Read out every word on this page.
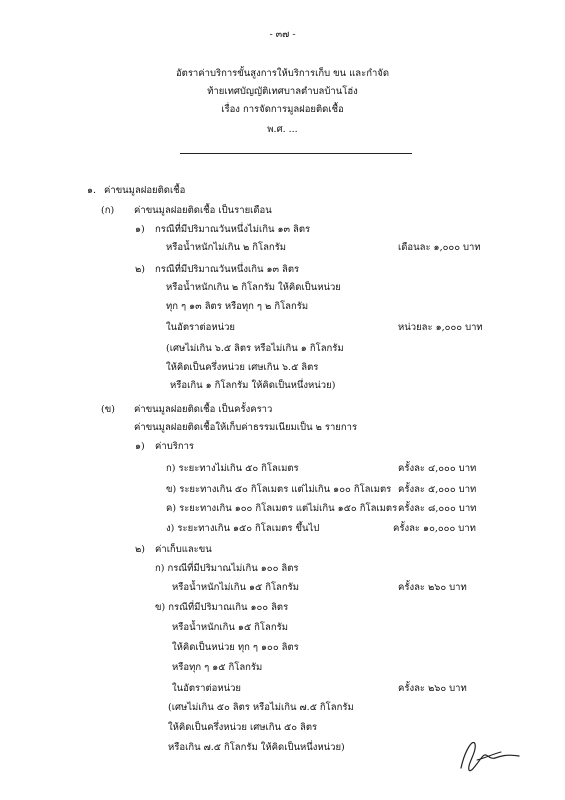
- ๓๗ -
อัตราค่าบริการขั้นสูงการให้บริการเก็บ ขน และกำจัด
ท้ายเทศบัญญัติเทศบาลตำบลบ้านโฮ่ง
เรื่อง การจัดการมูลฝอยติดเชื้อ
พ.ศ. ...
๑. ค่าขนมูลฝอยติดเชื้อ
(ก) ค่าขนมูลฝอยติดเชื้อ เป็นรายเดือน
๑) กรณีที่มีปริมาณวันหนึ่งไม่เกิน ๑๓ ลิตร
หรือน้ำหนักไม่เกิน ๒ กิโลกรัม	เดือนละ ๑,๐๐๐ บาท
๒) กรณีที่มีปริมาณวันหนึ่งเกิน ๑๓ ลิตร
หรือน้ำหนักเกิน ๒ กิโลกรัม ให้คิดเป็นหน่วย
ทุก ๆ ๑๓ ลิตร หรือทุก ๆ ๒ กิโลกรัม
ในอัตราต่อหน่วย	หน่วยละ ๑,๐๐๐ บาท
(เศษไม่เกิน ๖.๕ ลิตร หรือไม่เกิน ๑ กิโลกรัม
ให้คิดเป็นครึ่งหน่วย เศษเกิน ๖.๕ ลิตร
หรือเกิน ๑ กิโลกรัม ให้คิดเป็นหนึ่งหน่วย)
(ข) ค่าขนมูลฝอยติดเชื้อ เป็นครั้งคราว
ค่าขนมูลฝอยติดเชื้อให้เก็บค่าธรรมเนียมเป็น ๒ รายการ
๑) ค่าบริการ
ก) ระยะทางไม่เกิน ๕๐ กิโลเมตร	ครั้งละ ๔,๐๐๐ บาท
ข) ระยะทางเกิน ๕๐ กิโลเมตร แต่ไม่เกิน ๑๐๐ กิโลเมตร ครั้งละ ๕,๐๐๐ บาท
ค) ระยะทางเกิน ๑๐๐ กิโลเมตร แต่ไม่เกิน ๑๕๐ กิโลเมตร ครั้งละ ๘,๐๐๐ บาท
ง) ระยะทางเกิน ๑๕๐ กิโลเมตร ขึ้นไป	ครั้งละ ๑๐,๐๐๐ บาท
๒) ค่าเก็บและขน
ก) กรณีที่มีปริมาณไม่เกิน ๑๐๐ ลิตร
หรือน้ำหนักไม่เกิน ๑๕ กิโลกรัม	ครั้งละ ๒๖๐ บาท
ข) กรณีที่มีปริมาณเกิน ๑๐๐ ลิตร
หรือน้ำหนักเกิน ๑๕ กิโลกรัม
ให้คิดเป็นหน่วย ทุก ๆ ๑๐๐ ลิตร
หรือทุก ๆ ๑๕ กิโลกรัม
ในอัตราต่อหน่วย	ครั้งละ ๒๖๐ บาท
(เศษไม่เกิน ๕๐ ลิตร หรือไม่เกิน ๗.๕ กิโลกรัม
ให้คิดเป็นครึ่งหน่วย เศษเกิน ๕๐ ลิตร
หรือเกิน ๗.๕ กิโลกรัม ให้คิดเป็นหนึ่งหน่วย)
